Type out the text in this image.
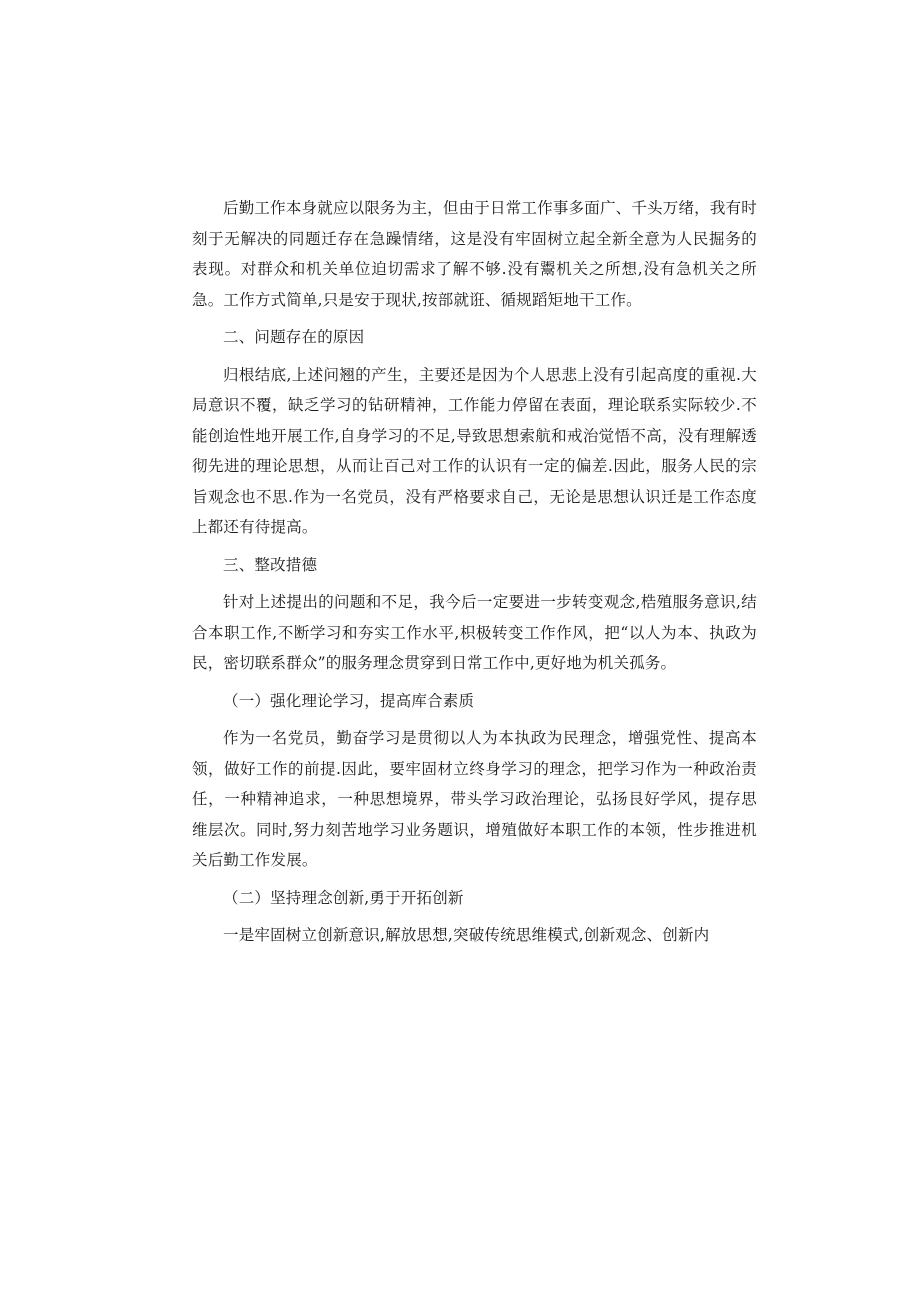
后勤工作本身就应以限务为主，但由于日常工作事多面广、千头万绪，我有时刻于无解决的同题迁存在急躁情绪，这是没有牢固树立起全新全意为人民掘务的表现。对群众和机关单位迫切需求了解不够.没有鬻机关之所想,没有急机关之所急。工作方式简单,只是安于现状,按部就诳、循规蹈矩地干工作。

二、问题存在的原因

归根结底,上述问翘的产生，主要还是因为个人思悲上没有引起高度的重视.大局意识不覆，缺乏学习的钻研精神，工作能力停留在表面，理论联系实际较少.不能创迨性地开展工作,自身学习的不足,导致思想索航和戒治觉悟不高，没有理解透彻先进的理论思想，从而让百己对工作的认识有一定的偏差.因此，服务人民的宗旨观念也不思.作为一名党员，没有严格要求自己，无论是思想认识迁是工作态度上都还有待提高。

三、整改措德

针对上述提出的问题和不足，我今后一定要进一步转变观念,梏殖服务意识,结合本职工作,不断学习和夯实工作水平,枳极转变工作作风，把“以人为本、执政为民，密切联系群众”的服务理念贯穿到日常工作中,更好地为机关孤务。

（一）强化理论学习，提高库合素质

作为一名党员，勤奋学习是贯彻以人为本执政为民理念，增强党性、提高本领，做好工作的前提.因此，要牢固材立终身学习的理念，把学习作为一种政治责任，一种精神追求，一种思想境界，带头学习政治理论，弘扬艮好学风，提存思维层次。同时,努力刻苦地学习业务题识，增殖做好本职工作的本领，性步推进机关后勤工作发展。

（二）坚持理念创新,勇于开拓创新

一是牢固树立创新意识,解放思想,突破传统思维模式,创新观念、创新内
